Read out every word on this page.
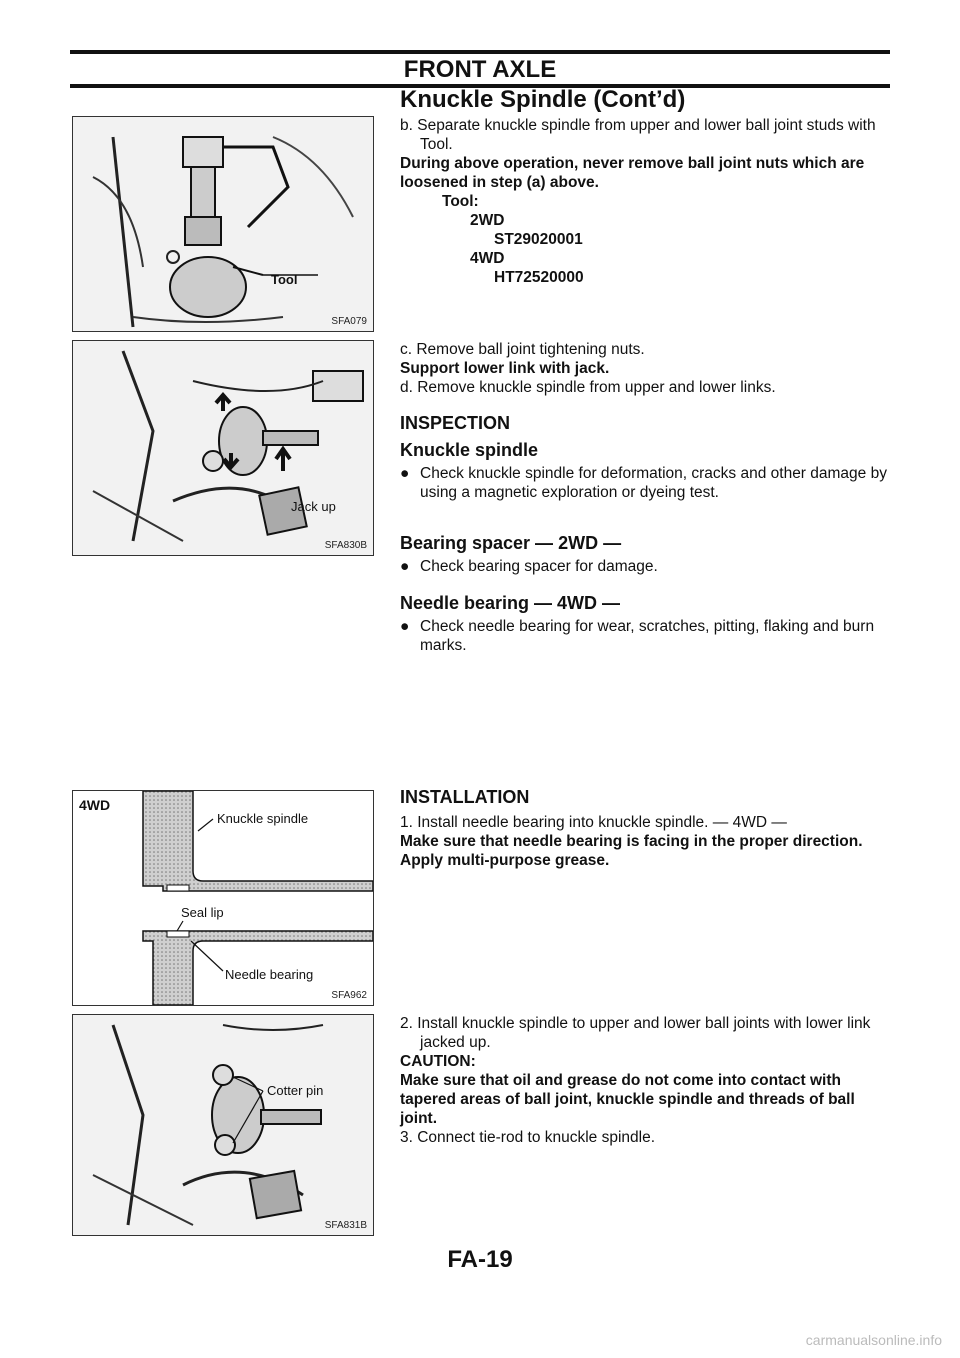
FRONT AXLE
Knuckle Spindle (Cont’d)
Tool
SFA079
Jack up
SFA830B
4WD
Knuckle spindle
Seal lip
Needle bearing
SFA962
Cotter pin
SFA831B
b. Separate knuckle spindle from upper and lower ball joint studs with Tool.
During above operation, never remove ball joint nuts which are loosened in step (a) above.
Tool:
2WD
ST29020001
4WD
HT72520000
c. Remove ball joint tightening nuts.
Support lower link with jack.
d. Remove knuckle spindle from upper and lower links.
INSPECTION
Knuckle spindle
● Check knuckle spindle for deformation, cracks and other damage by using a magnetic exploration or dyeing test.
Bearing spacer — 2WD —
● Check bearing spacer for damage.
Needle bearing — 4WD —
● Check needle bearing for wear, scratches, pitting, flaking and burn marks.
INSTALLATION
1. Install needle bearing into knuckle spindle. — 4WD —
Make sure that needle bearing is facing in the proper direction.
Apply multi-purpose grease.
2. Install knuckle spindle to upper and lower ball joints with lower link jacked up.
CAUTION:
Make sure that oil and grease do not come into contact with tapered areas of ball joint, knuckle spindle and threads of ball joint.
3. Connect tie-rod to knuckle spindle.
FA-19
carmanualsonline.info
